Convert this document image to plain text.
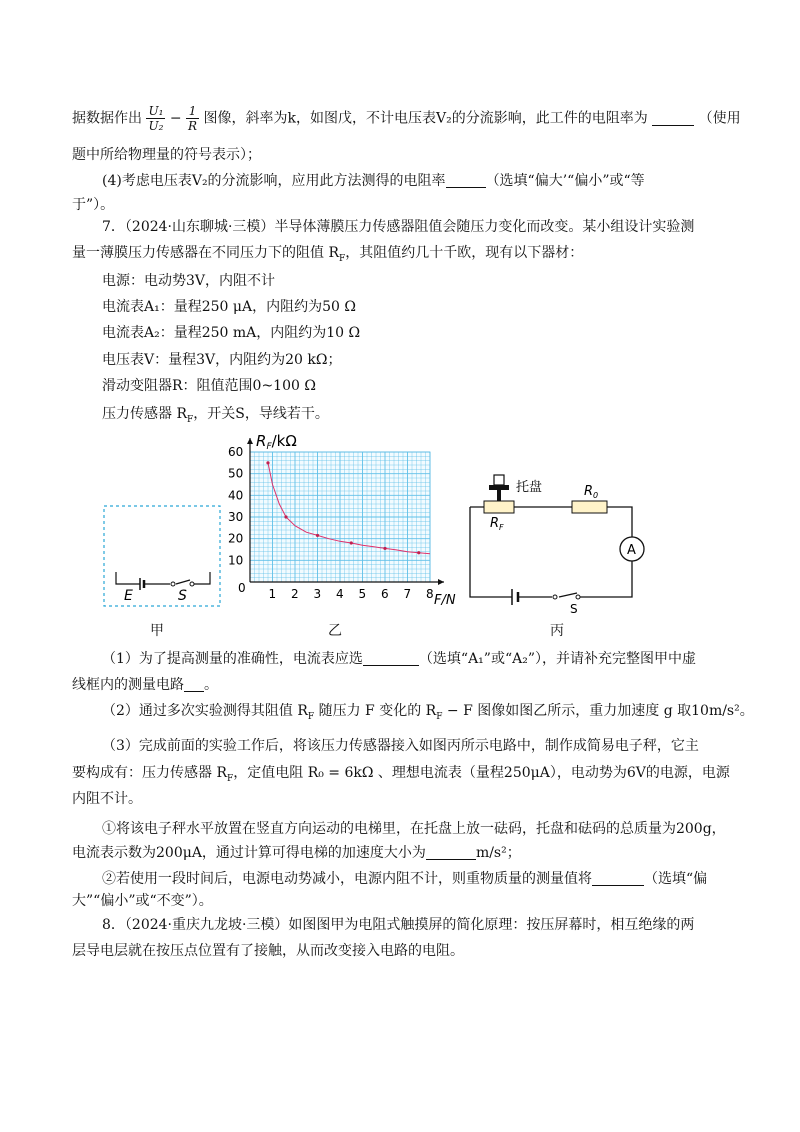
据数据作出 $\frac{\text{U₁}}{\text{U₂}} - \frac{1}{R}$ 图像，斜率为k，如图戊，不计电压表V₂的分流影响，此工件的电阻率为	（使用
题中所给物理量的符号表示）；
(4)考虑电压表V₂的分流影响，应用此方法测得的电阻率	（选填“偏大’“偏小”或“等
于”）。
7．（2024·山东聊城·三模）半导体薄膜压力传感器阻值会随压力变化而改变。某小组设计实验测
量一薄膜压力传感器在不同压力下的阻值 $R_F$，其阻值约几十千欧，现有以下器材：
电源：电动势3V，内阻不计
电流表A₁：量程250 μA，内阻约为50 Ω
电流表A₂：量程250 mA，内阻约为10 Ω
电压表V：量程3V，内阻约为20 kΩ；
滑动变阻器R：阻值范围0~100 Ω
压力传感器 $R_F$，开关S，导线若干。
E	S
甲
1 2 3 4 5 6 7 8
10
20
30
40
50
60
$R_F/k\Omega$
F/N
0
乙
A
托盘
$R_F$
$R_0$
S
丙
（1）为了提高测量的准确性，电流表应选	（选填“A₁”或“A₂”），并请补充完整图甲中虚
线框内的测量电路 。
（2）通过多次实验测得其阻值 $R_F$ 随压力 F 变化的 $R_F - F$ 图像如图乙所示，重力加速度 g 取10m/s²。
（3）完成前面的实验工作后，将该压力传感器接入如图丙所示电路中，制作成简易电子秤，它主
要构成有：压力传感器 $R_F$，定值电阻 R₀ = 6kΩ 、理想电流表（量程250μA），电动势为6V的电源，电源
内阻不计。
①将该电子秤水平放置在竖直方向运动的电梯里，在托盘上放一砝码，托盘和砝码的总质量为200g，
电流表示数为200μA，通过计算可得电梯的加速度大小为	m/s²；
②若使用一段时间后，电源电动势减小，电源内阻不计，则重物质量的测量值将	（选填“偏
大”“偏小”或“不变”）。
8．（2024·重庆九龙坡·三模）如图图甲为电阻式触摸屏的简化原理：按压屏幕时，相互绝缘的两
层导电层就在按压点位置有了接触，从而改变接入电路的电阻。
